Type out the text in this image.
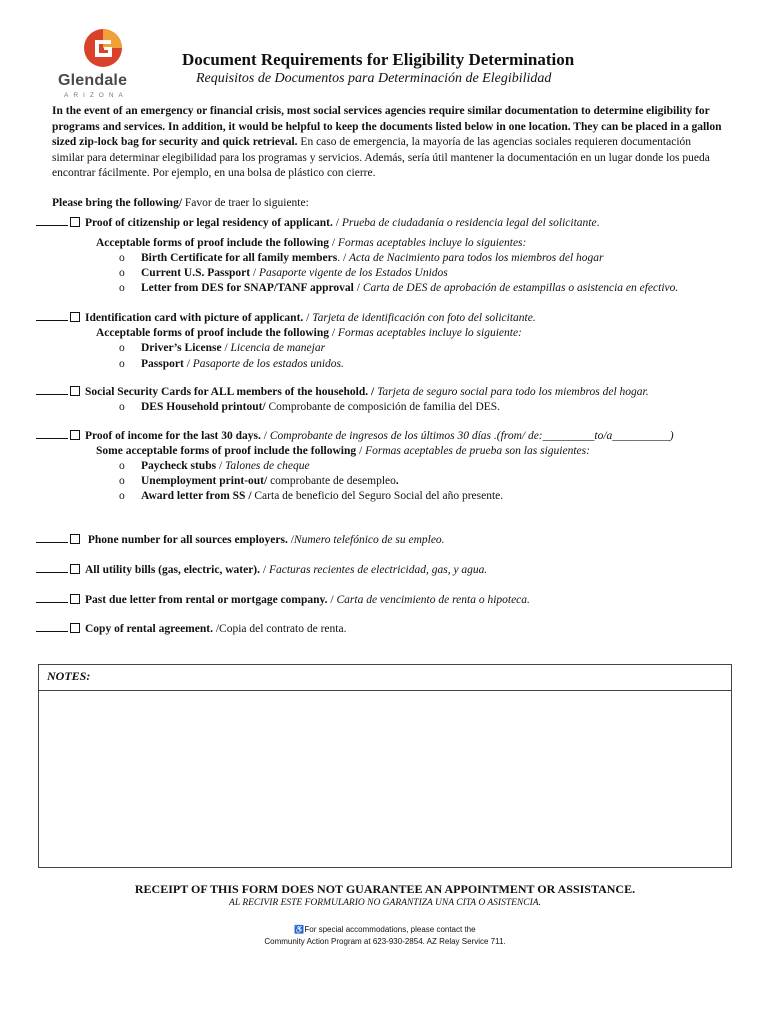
Glendale
ARIZONA
Document Requirements for Eligibility Determination
Requisitos de Documentos para Determinación de Elegibilidad
In the event of an emergency or financial crisis, most social services agencies require similar documentation to determine eligibility for programs and services. In addition, it would be helpful to keep the documents listed below in one location. They can be placed in a gallon sized zip-lock bag for security and quick retrieval. En caso de emergencia, la mayoría de las agencias sociales requieren documentación similar para determinar elegibilidad para los programas y servicios. Además, sería útil mantener la documentación en un lugar donde los pueda encontrar fácilmente. Por ejemplo, en una bolsa de plástico con cierre.
Please bring the following/ Favor de traer lo siguiente:
Proof of citizenship or legal residency of applicant. / Prueba de ciudadanía o residencia legal del solicitante.
Acceptable forms of proof include the following / Formas aceptables incluye lo siguientes:
o Birth Certificate for all family members. / Acta de Nacimiento para todos los miembros del hogar
o Current U.S. Passport / Pasaporte vigente de los Estados Unidos
o Letter from DES for SNAP/TANF approval / Carta de DES de aprobación de estampillas o asistencia en efectivo.
Identification card with picture of applicant. / Tarjeta de identificación con foto del solicitante.
Acceptable forms of proof include the following / Formas aceptables incluye lo siguiente:
o Driver’s License / Licencia de manejar
o Passport / Pasaporte de los estados unidos.
Social Security Cards for ALL members of the household. / Tarjeta de seguro social para todo los miembros del hogar.
o DES Household printout/ Comprobante de composición de familia del DES.
Proof of income for the last 30 days. / Comprobante de ingresos de los últimos 30 días .(from/ de:_________to/a__________)
Some acceptable forms of proof include the following / Formas aceptables de prueba son las siguientes:
o Paycheck stubs / Talones de cheque
o Unemployment print-out/ comprobante de desempleo.
o Award letter from SS / Carta de beneficio del Seguro Social del año presente.
Phone number for all sources employers. /Numero telefónico de su empleo.
All utility bills (gas, electric, water). / Facturas recientes de electricidad, gas, y agua.
Past due letter from rental or mortgage company. / Carta de vencimiento de renta o hipoteca.
Copy of rental agreement. /Copia del contrato de renta.
NOTES:
RECEIPT OF THIS FORM DOES NOT GUARANTEE AN APPOINTMENT OR ASSISTANCE.
AL RECIVIR ESTE FORMULARIO NO GARANTIZA UNA CITA O ASISTENCIA.
♿For special accommodations, please contact the
Community Action Program at 623-930-2854. AZ Relay Service 711.
